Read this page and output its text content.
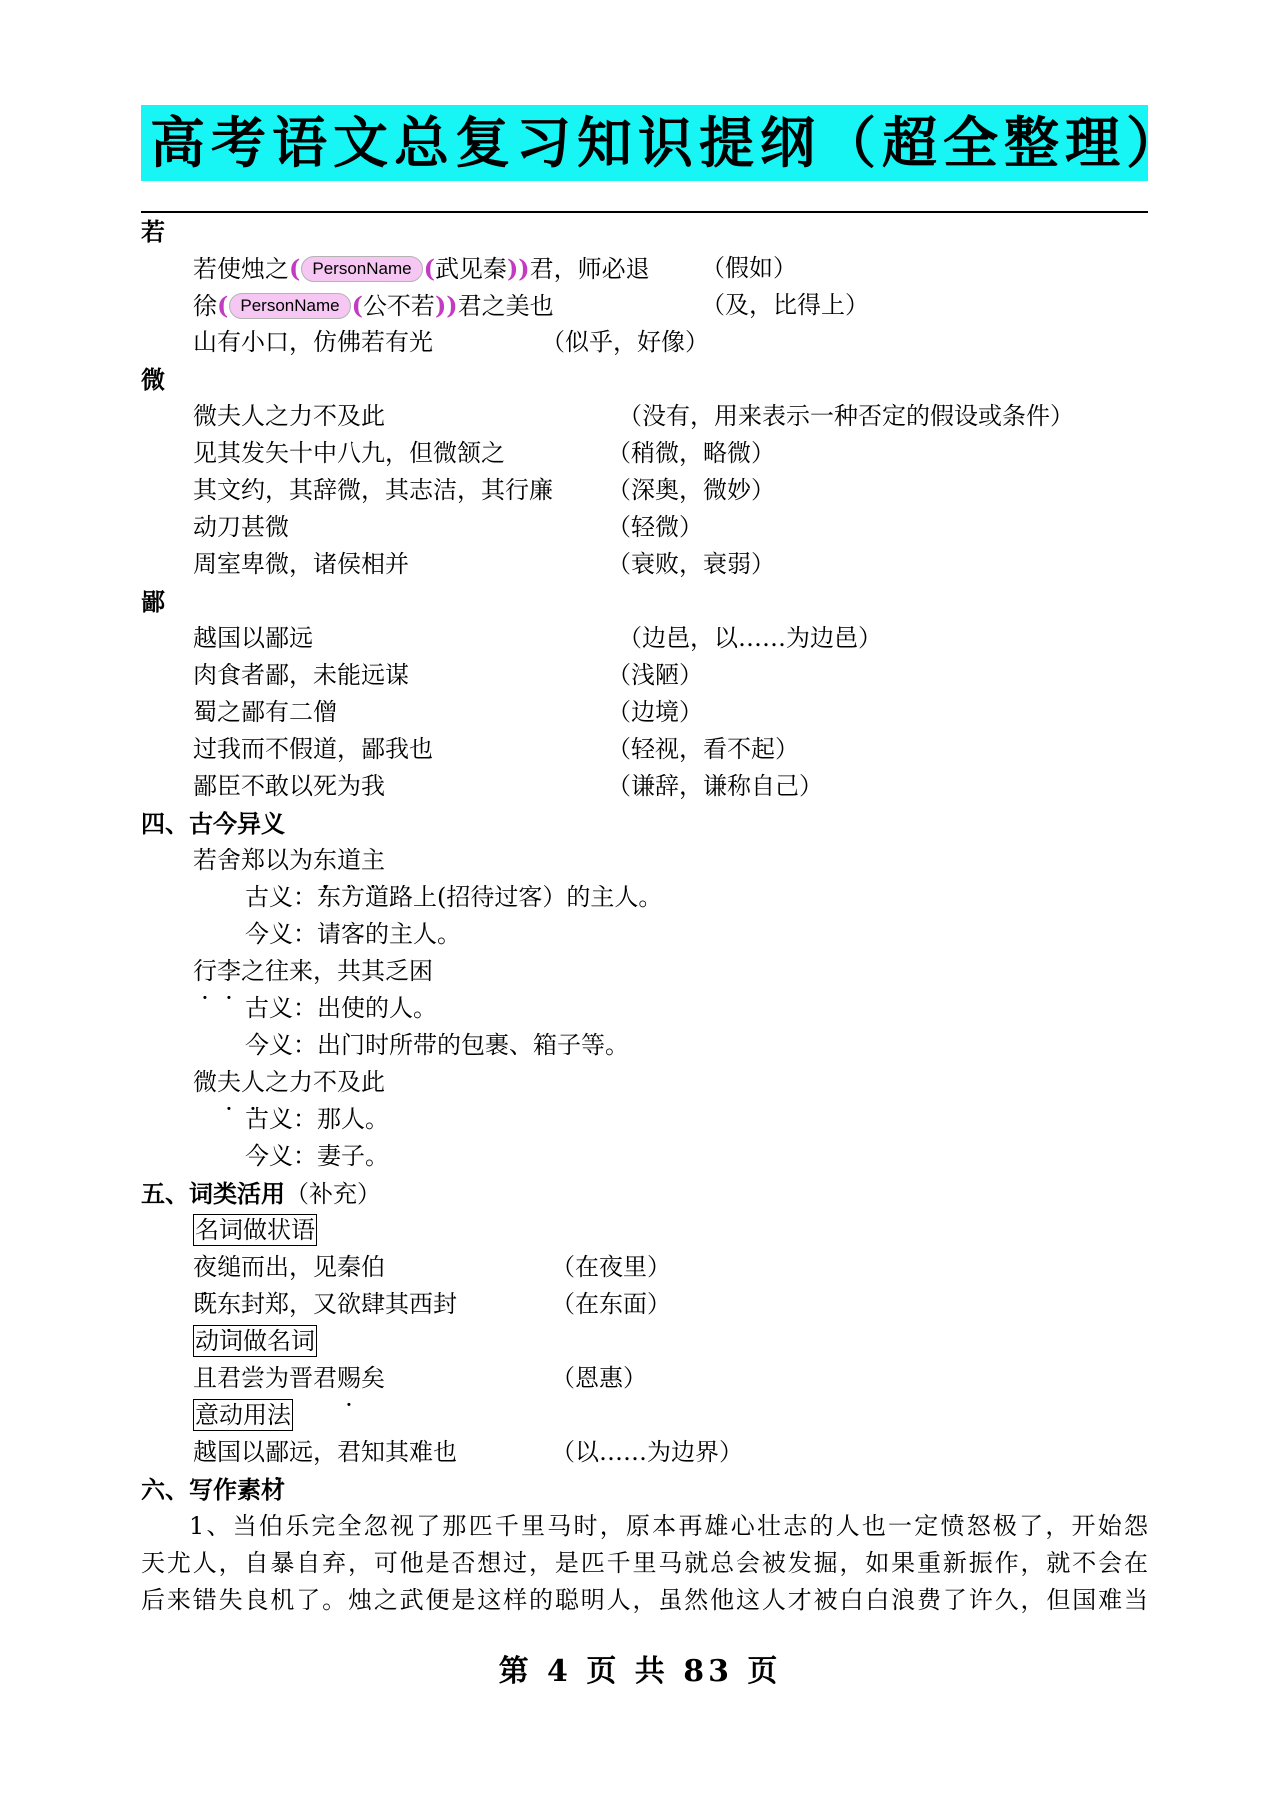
高考语文总复习知识提纲（超全整理）
若
若使烛之( PersonName (武见秦))君，师必退 （假如）
徐( PersonName (公不若))君之美也	（及，比得上）
山有小口，仿佛若有光	（似乎，好像）
微
微夫人之力不及此	（没有，用来表示一种否定的假设或条件）
见其发矢十中八九，但微颔之	（稍微，略微）
其文约，其辞微，其志洁，其行廉 （深奥，微妙）
动刀甚微	（轻微）
周室卑微，诸侯相并	（衰败，衰弱）
鄙
越国以鄙远	（边邑，以……为边邑）
肉食者鄙，未能远谋	（浅陋）
蜀之鄙有二僧	（边境）
过我而不假道，鄙我也	（轻视，看不起）
鄙臣不敢以死为我	（谦辞，谦称自己）
四、古今异义
若舍郑以为东道主
古义：东方道路上(招待过客）的主人。
今义：请客的主人。
行李之往来，共其乏困
古义：出使的人。
今义：出门时所带的包裹、箱子等。
微夫人之力不及此
古义：那人。
今义：妻子。
五、词类活用（补充）
名词做状语
夜缒而出，见秦伯	（在夜里）
既东封郑，又欲肆其西封	（在东面）
动词做名词
且君尝为晋君赐矣	（恩惠）
意动用法
越国以鄙远，君知其难也	（以……为边界）
六、写作素材
1、当伯乐完全忽视了那匹千里马时，原本再雄心壮志的人也一定愤怒极了，开始怨
天尤人，自暴自弃，可他是否想过，是匹千里马就总会被发掘，如果重新振作，就不会在
后来错失良机了。烛之武便是这样的聪明人，虽然他这人才被白白浪费了许久，但国难当
第 4 页 共 83 页
